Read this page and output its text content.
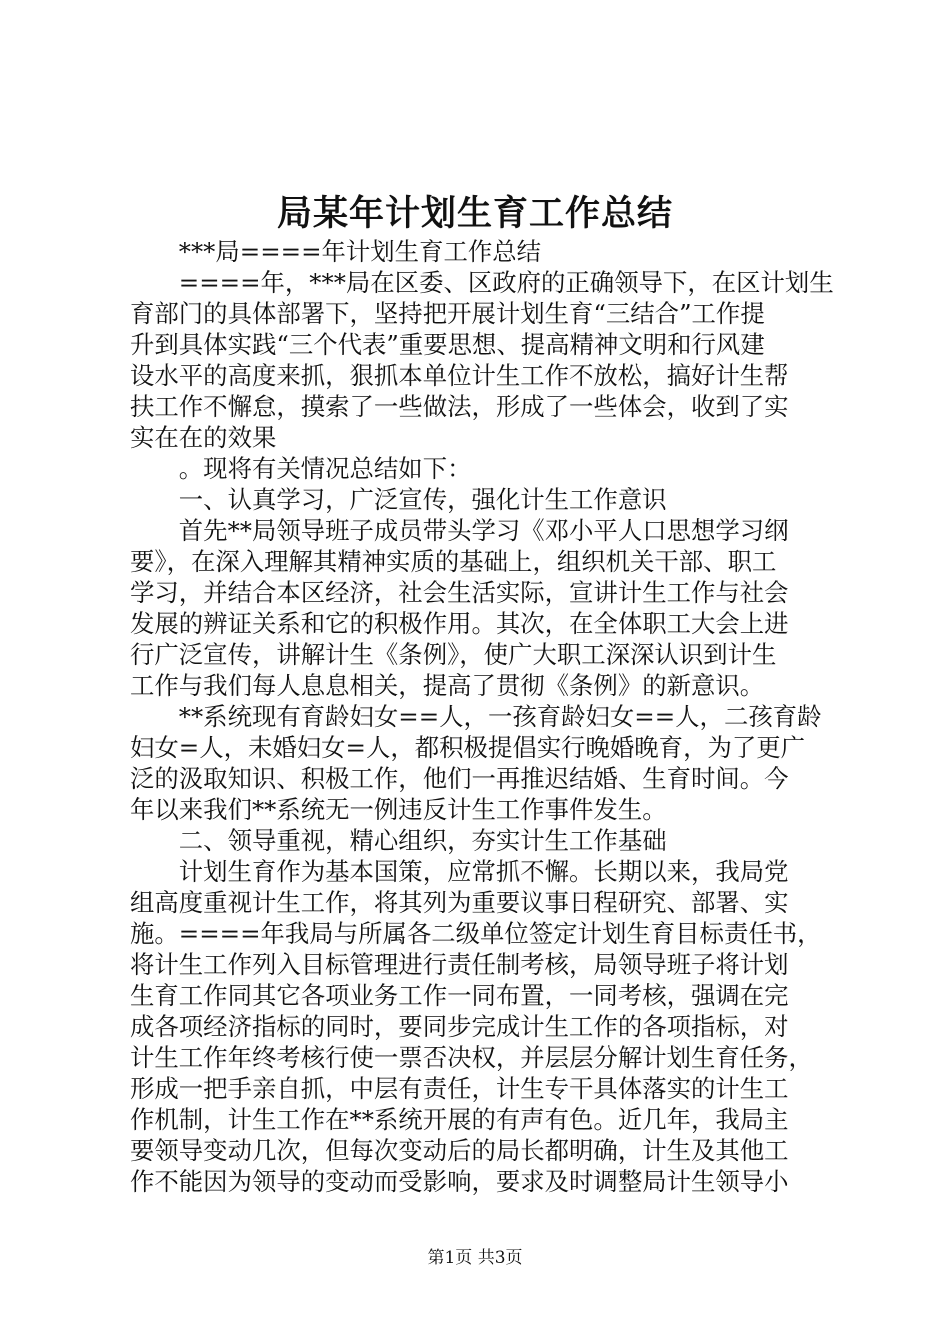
局某年计划生育工作总结
　　***局====年计划生育工作总结
　　====年，***局在区委、区政府的正确领导下，在区计划生
育部门的具体部署下，坚持把开展计划生育“三结合”工作提
升到具体实践“三个代表”重要思想、提高精神文明和行风建
设水平的高度来抓，狠抓本单位计生工作不放松，搞好计生帮
扶工作不懈怠，摸索了一些做法，形成了一些体会，收到了实
实在在的效果
　　。现将有关情况总结如下：
　　一、认真学习，广泛宣传，强化计生工作意识
　　首先**局领导班子成员带头学习《邓小平人口思想学习纲
要》，在深入理解其精神实质的基础上，组织机关干部、职工
学习，并结合本区经济，社会生活实际，宣讲计生工作与社会
发展的辨证关系和它的积极作用。其次，在全体职工大会上进
行广泛宣传，讲解计生《条例》，使广大职工深深认识到计生
工作与我们每人息息相关，提高了贯彻《条例》的新意识。
　　**系统现有育龄妇女==人，一孩育龄妇女==人，二孩育龄
妇女=人，未婚妇女=人，都积极提倡实行晚婚晚育，为了更广
泛的汲取知识、积极工作，他们一再推迟结婚、生育时间。今
年以来我们**系统无一例违反计生工作事件发生。
　　二、领导重视，精心组织，夯实计生工作基础
　　计划生育作为基本国策，应常抓不懈。长期以来，我局党
组高度重视计生工作，将其列为重要议事日程研究、部署、实
施。====年我局与所属各二级单位签定计划生育目标责任书，
将计生工作列入目标管理进行责任制考核，局领导班子将计划
生育工作同其它各项业务工作一同布置，一同考核，强调在完
成各项经济指标的同时，要同步完成计生工作的各项指标，对
计生工作年终考核行使一票否决权，并层层分解计划生育任务，
形成一把手亲自抓，中层有责任，计生专干具体落实的计生工
作机制，计生工作在**系统开展的有声有色。近几年，我局主
要领导变动几次，但每次变动后的局长都明确，计生及其他工
作不能因为领导的变动而受影响，要求及时调整局计生领导小
第1页 共3页
